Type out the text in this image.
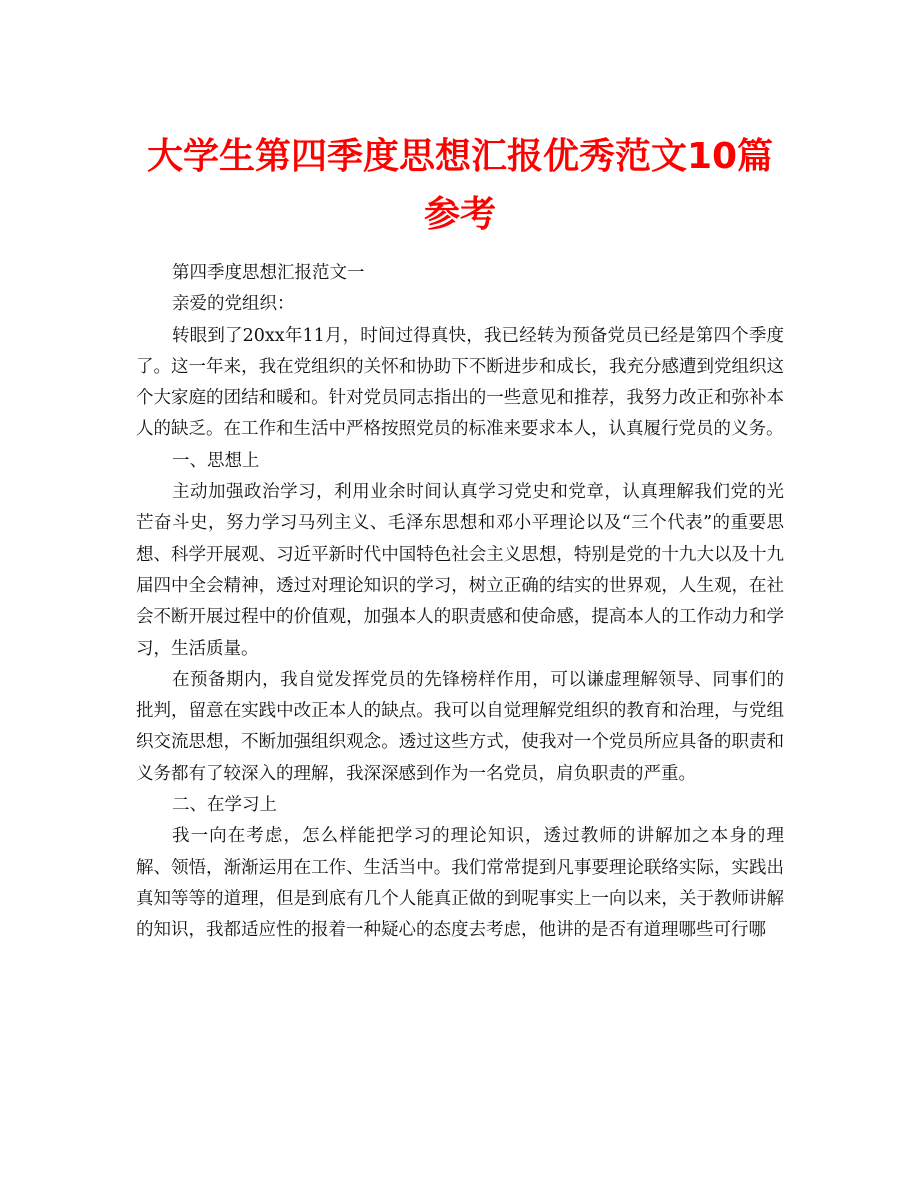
大学生第四季度思想汇报优秀范文10篇参考

第四季度思想汇报范文一

亲爱的党组织：

转眼到了20xx年11月，时间过得真快，我已经转为预备党员已经是第四个季度了。这一年来，我在党组织的关怀和协助下不断进步和成长，我充分感遭到党组织这个大家庭的团结和暖和。针对党员同志指出的一些意见和推荐，我努力改正和弥补本人的缺乏。在工作和生活中严格按照党员的标准来要求本人，认真履行党员的义务。

一、思想上

主动加强政治学习，利用业余时间认真学习党史和党章，认真理解我们党的光芒奋斗史，努力学习马列主义、毛泽东思想和邓小平理论以及“三个代表”的重要思想、科学开展观、习近平新时代中国特色社会主义思想，特别是党的十九大以及十九届四中全会精神，透过对理论知识的学习，树立正确的结实的世界观，人生观，在社会不断开展过程中的价值观，加强本人的职责感和使命感，提高本人的工作动力和学习，生活质量。

在预备期内，我自觉发挥党员的先锋榜样作用，可以谦虚理解领导、同事们的批判，留意在实践中改正本人的缺点。我可以自觉理解党组织的教育和治理，与党组织交流思想，不断加强组织观念。透过这些方式，使我对一个党员所应具备的职责和义务都有了较深入的理解，我深深感到作为一名党员，肩负职责的严重。

二、在学习上

我一向在考虑，怎么样能把学习的理论知识，透过教师的讲解加之本身的理解、领悟，渐渐运用在工作、生活当中。我们常常提到凡事要理论联络实际，实践出真知等等的道理，但是到底有几个人能真正做的到呢事实上一向以来，关于教师讲解的知识，我都适应性的报着一种疑心的态度去考虑，他讲的是否有道理哪些可行哪
